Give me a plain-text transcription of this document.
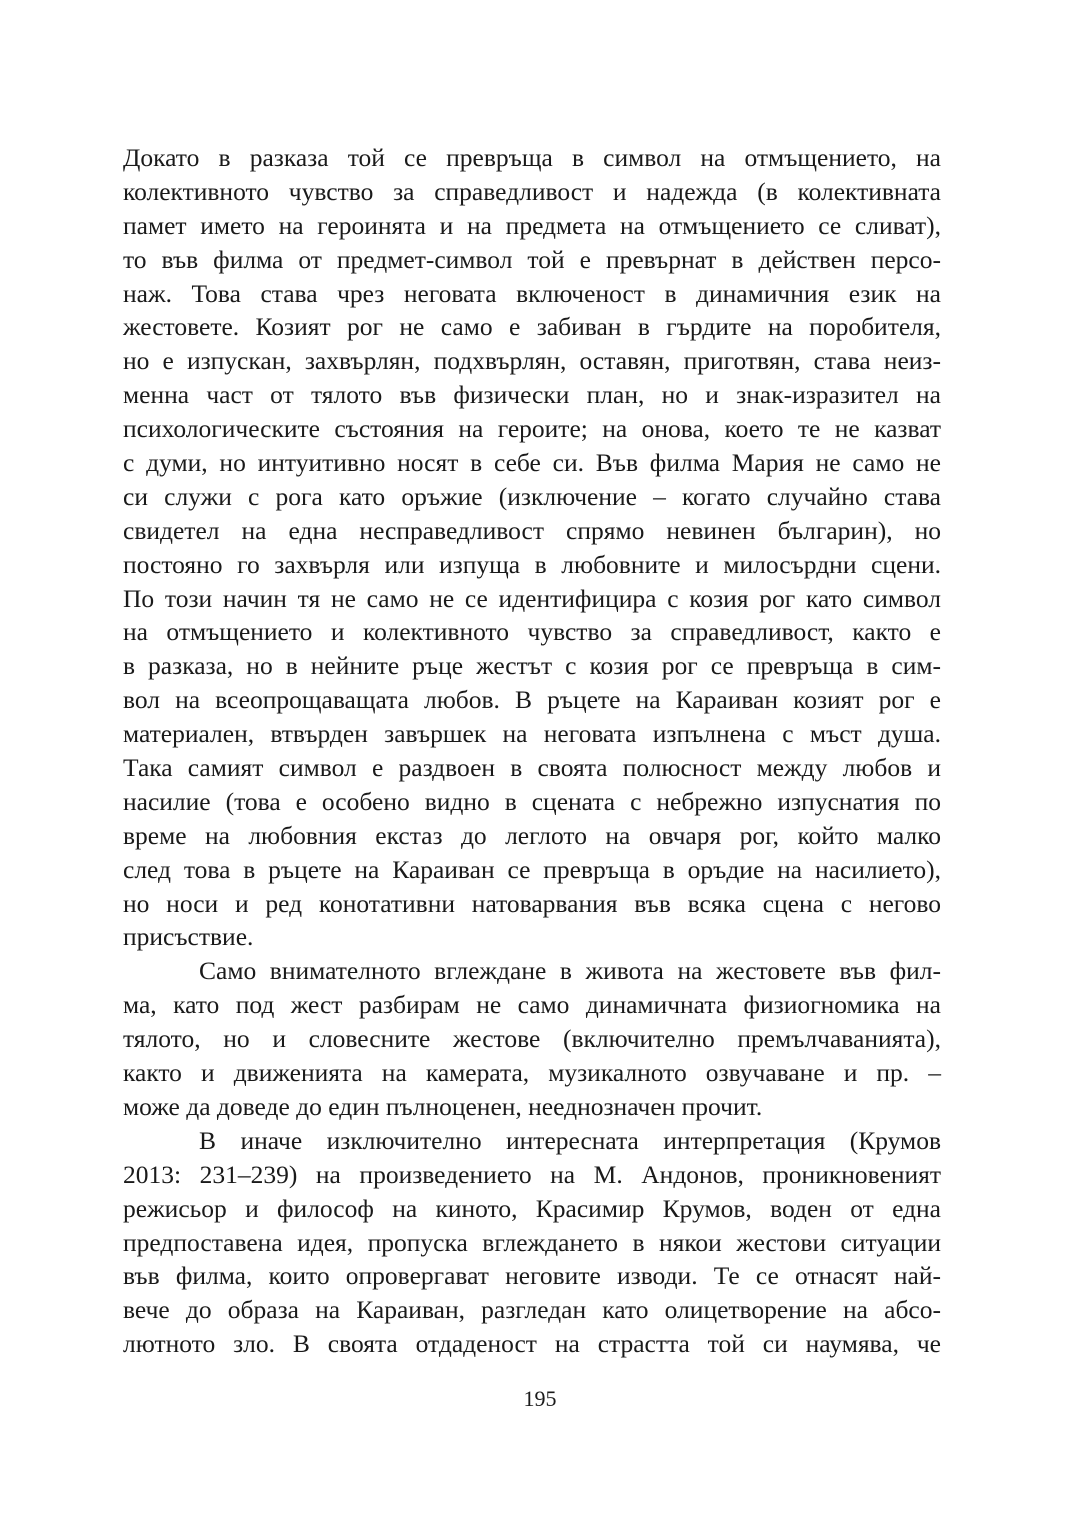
Докато в разказа той се превръща в символ на отмъщението, на
колективното чувство за справедливост и надежда (в колективната
памет името на героинята и на предмета на отмъщението се сливат),
то във филма от предмет-символ той е превърнат в действен персо-
наж. Това става чрез неговата включеност в динамичния език на
жестовете. Козият рог не само е забиван в гърдите на поробителя,
но е изпускан, захвърлян, подхвърлян, оставян, приготвян, става неиз-
менна част от тялото във физически план, но и знак-изразител на
психологическите състояния на героите; на онова, което те не казват
с думи, но интуитивно носят в себе си. Във филма Мария не само не
си служи с рога като оръжие (изключение – когато случайно става
свидетел на една несправедливост спрямо невинен българин), но
постояно го захвърля или изпуща в любовните и милосърдни сцени.
По този начин тя не само не се идентифицира с козия рог като символ
на отмъщението и колективното чувство за справедливост, както е
в разказа, но в нейните ръце жестът с козия рог се превръща в сим-
вол на всеопрощаващата любов. В ръцете на Караиван козият рог е
материален, втвърден завършек на неговата изпълнена с мъст душа.
Така самият символ е раздвоен в своята полюсност между любов и
насилие (това е особено видно в сцената с небрежно изпуснатия по
време на любовния екстаз до леглото на овчаря рог, който малко
след това в ръцете на Караиван се превръща в оръдие на насилието),
но носи и ред конотативни натоварвания във всяка сцена с негово
присъствие.
Само внимателното вглеждане в живота на жестовете във фил-
ма, като под жест разбирам не само динамичната физиогномика на
тялото, но и словесните жестове (включително премълчаванията),
както и движенията на камерата, музикалното озвучаване и пр. –
може да доведе до един пълноценен, нееднозначен прочит.
В иначе изключително интересната интерпретация (Крумов
2013: 231–239) на произведението на М. Андонов, проникновеният
режисьор и философ на киното, Красимир Крумов, воден от една
предпоставена идея, пропуска вглеждането в някои жестови ситуации
във филма, които опровергават неговите изводи. Те се отнасят най-
вече до образа на Караиван, разгледан като олицетворение на абсо-
лютното зло. В своята отдаденост на страстта той си наумява, че
195
